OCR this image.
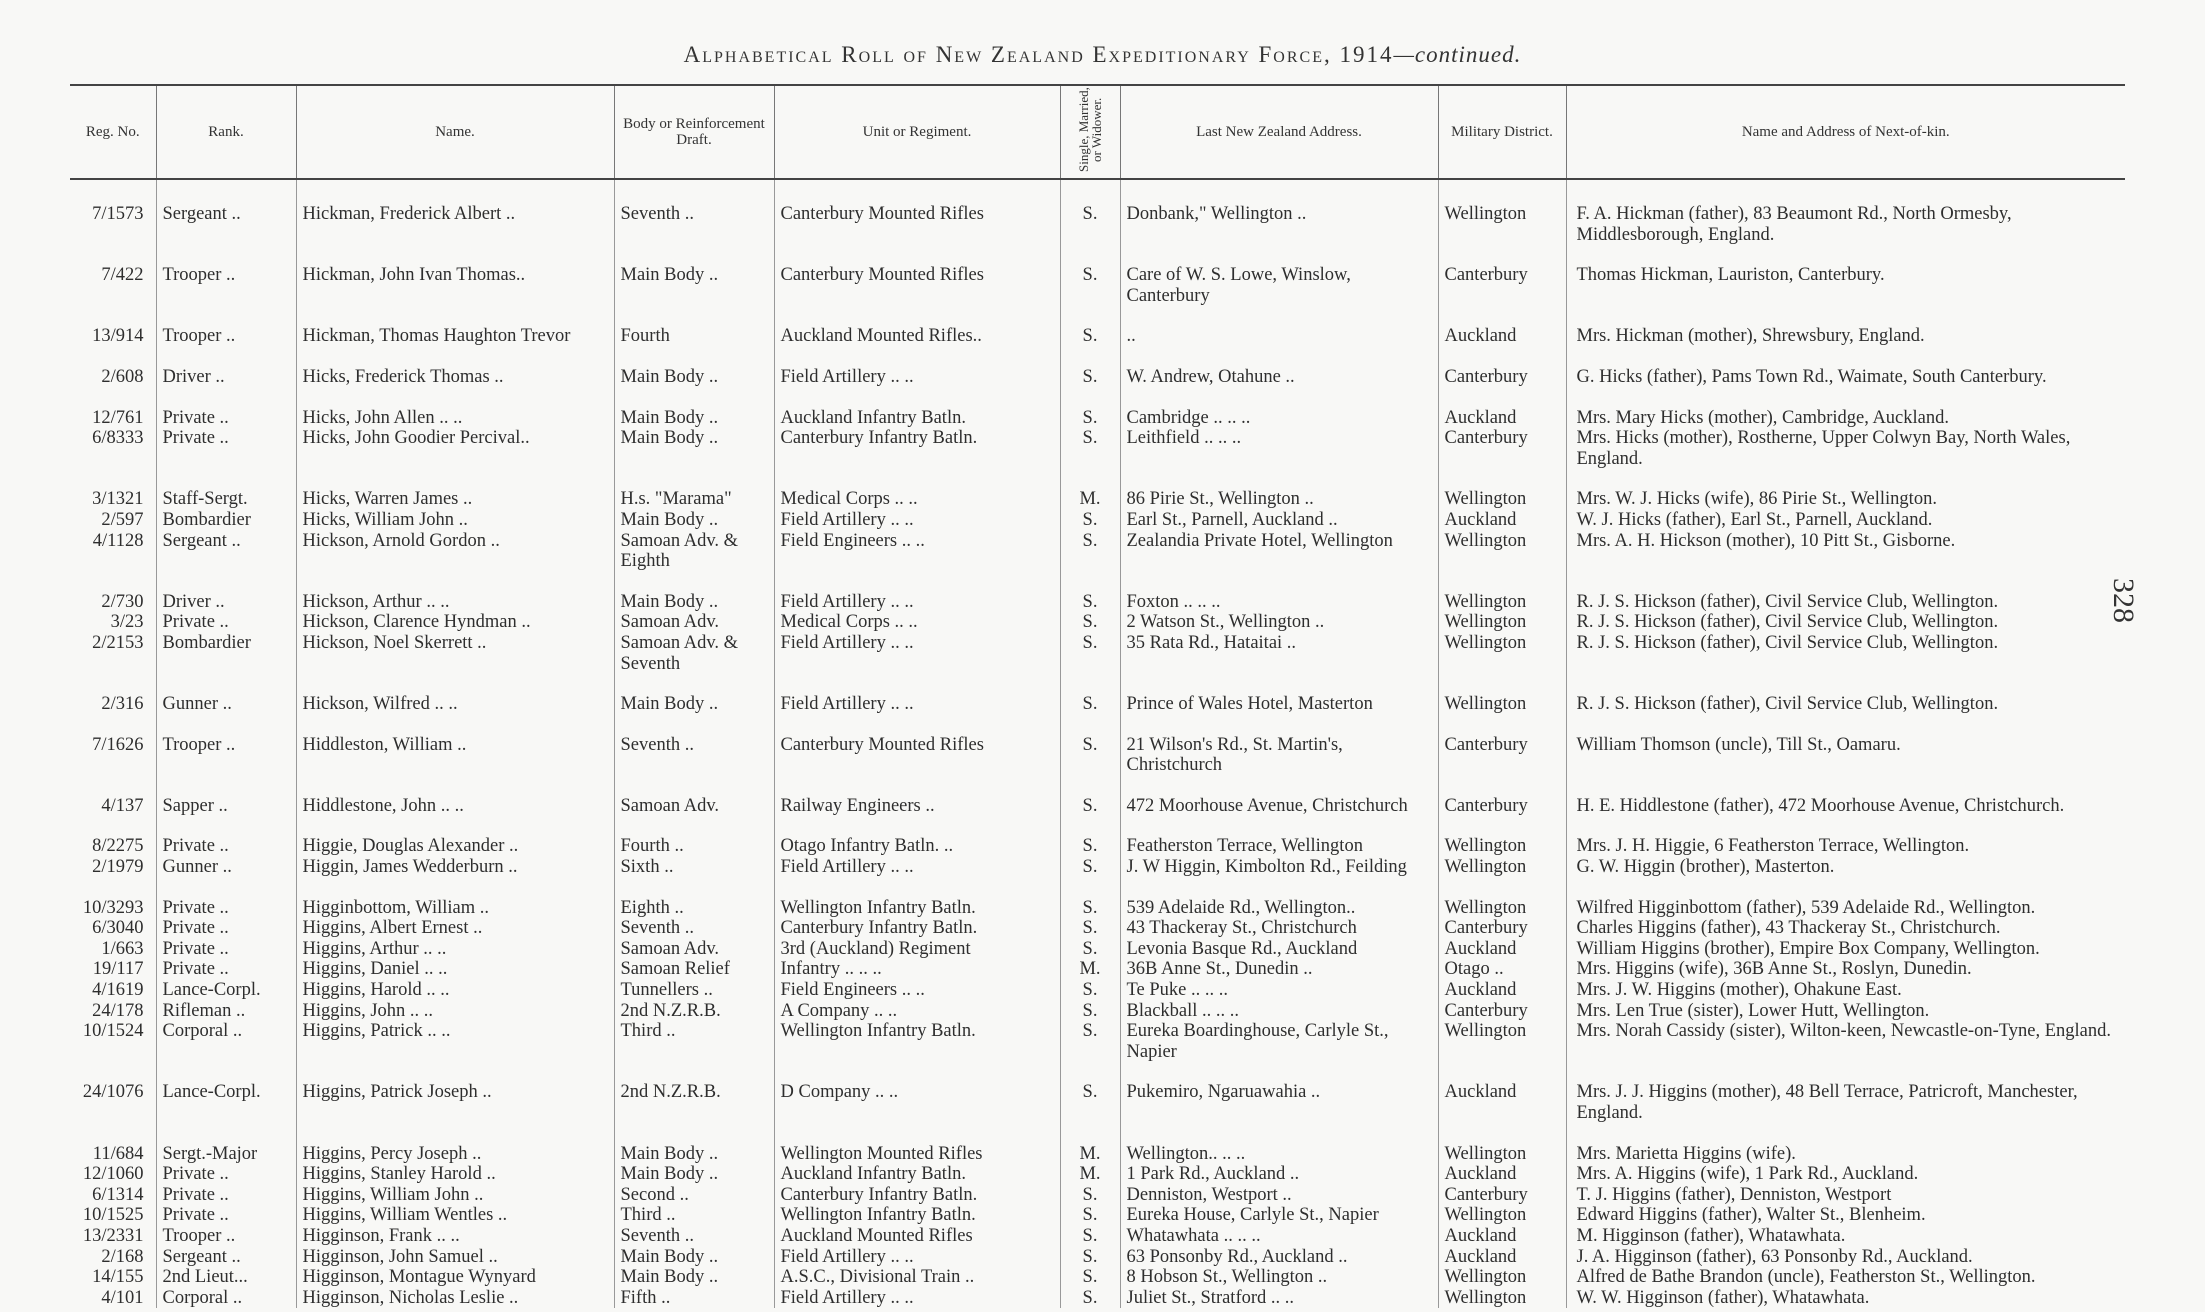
Alphabetical Roll of New Zealand Expeditionary Force, 1914—continued.
328
Reg. No.	Rank.	Name.	Body or Reinforcement Draft.	Unit or Regiment.	Single, Married, or Widower.	Last New Zealand Address.	Military District.	Name and Address of Next-of-kin.
7/1573	Sergeant ..	Hickman, Frederick Albert ..	Seventh ..	Canterbury Mounted Rifles	S.	Donbank," Wellington ..	Wellington	F. A. Hickman (father), 83 Beaumont Rd., North Ormesby, Middlesborough, England.
7/422	Trooper ..	Hickman, John Ivan Thomas..	Main Body ..	Canterbury Mounted Rifles	S.	Care of W. S. Lowe, Winslow, Canterbury	Canterbury	Thomas Hickman, Lauriston, Canterbury.
13/914	Trooper ..	Hickman, Thomas Haughton Trevor	Fourth	Auckland Mounted Rifles..	S.	..	Auckland	Mrs. Hickman (mother), Shrewsbury, England.
2/608	Driver ..	Hicks, Frederick Thomas ..	Main Body ..	Field Artillery .. ..	S.	W. Andrew, Otahune ..	Canterbury	G. Hicks (father), Pams Town Rd., Waimate, South Canterbury.
12/761	Private ..	Hicks, John Allen .. ..	Main Body ..	Auckland Infantry Batln.	S.	Cambridge .. .. ..	Auckland	Mrs. Mary Hicks (mother), Cambridge, Auckland.
6/8333	Private ..	Hicks, John Goodier Percival..	Main Body ..	Canterbury Infantry Batln.	S.	Leithfield .. .. ..	Canterbury	Mrs. Hicks (mother), Rostherne, Upper Colwyn Bay, North Wales, England.
3/1321	Staff-Sergt.	Hicks, Warren James ..	H.s. "Marama"	Medical Corps .. ..	M.	86 Pirie St., Wellington ..	Wellington	Mrs. W. J. Hicks (wife), 86 Pirie St., Wellington.
2/597	Bombardier	Hicks, William John ..	Main Body ..	Field Artillery .. ..	S.	Earl St., Parnell, Auckland ..	Auckland	W. J. Hicks (father), Earl St., Parnell, Auckland.
4/1128	Sergeant ..	Hickson, Arnold Gordon ..	Samoan Adv. & Eighth	Field Engineers .. ..	S.	Zealandia Private Hotel, Wellington	Wellington	Mrs. A. H. Hickson (mother), 10 Pitt St., Gisborne.
2/730	Driver ..	Hickson, Arthur .. ..	Main Body ..	Field Artillery .. ..	S.	Foxton .. .. ..	Wellington	R. J. S. Hickson (father), Civil Service Club, Wellington.
3/23	Private ..	Hickson, Clarence Hyndman ..	Samoan Adv.	Medical Corps .. ..	S.	2 Watson St., Wellington ..	Wellington	R. J. S. Hickson (father), Civil Service Club, Wellington.
2/2153	Bombardier	Hickson, Noel Skerrett ..	Samoan Adv. & Seventh	Field Artillery .. ..	S.	35 Rata Rd., Hataitai ..	Wellington	R. J. S. Hickson (father), Civil Service Club, Wellington.
2/316	Gunner ..	Hickson, Wilfred .. ..	Main Body ..	Field Artillery .. ..	S.	Prince of Wales Hotel, Masterton	Wellington	R. J. S. Hickson (father), Civil Service Club, Wellington.
7/1626	Trooper ..	Hiddleston, William ..	Seventh ..	Canterbury Mounted Rifles	S.	21 Wilson's Rd., St. Martin's, Christchurch	Canterbury	William Thomson (uncle), Till St., Oamaru.
4/137	Sapper ..	Hiddlestone, John .. ..	Samoan Adv.	Railway Engineers ..	S.	472 Moorhouse Avenue, Christchurch	Canterbury	H. E. Hiddlestone (father), 472 Moorhouse Avenue, Christchurch.
8/2275	Private ..	Higgie, Douglas Alexander ..	Fourth ..	Otago Infantry Batln. ..	S.	Featherston Terrace, Wellington	Wellington	Mrs. J. H. Higgie, 6 Featherston Terrace, Wellington.
2/1979	Gunner ..	Higgin, James Wedderburn ..	Sixth ..	Field Artillery .. ..	S.	J. W Higgin, Kimbolton Rd., Feilding	Wellington	G. W. Higgin (brother), Masterton.
10/3293	Private ..	Higginbottom, William ..	Eighth ..	Wellington Infantry Batln.	S.	539 Adelaide Rd., Wellington..	Wellington	Wilfred Higginbottom (father), 539 Adelaide Rd., Wellington.
6/3040	Private ..	Higgins, Albert Ernest ..	Seventh ..	Canterbury Infantry Batln.	S.	43 Thackeray St., Christchurch	Canterbury	Charles Higgins (father), 43 Thackeray St., Christchurch.
1/663	Private ..	Higgins, Arthur .. ..	Samoan Adv.	3rd (Auckland) Regiment	S.	Levonia Basque Rd., Auckland	Auckland	William Higgins (brother), Empire Box Company, Wellington.
19/117	Private ..	Higgins, Daniel .. ..	Samoan Relief	Infantry .. .. ..	M.	36B Anne St., Dunedin ..	Otago ..	Mrs. Higgins (wife), 36B Anne St., Roslyn, Dunedin.
4/1619	Lance-Corpl.	Higgins, Harold .. ..	Tunnellers ..	Field Engineers .. ..	S.	Te Puke .. .. ..	Auckland	Mrs. J. W. Higgins (mother), Ohakune East.
24/178	Rifleman ..	Higgins, John .. ..	2nd N.Z.R.B.	A Company .. ..	S.	Blackball .. .. ..	Canterbury	Mrs. Len True (sister), Lower Hutt, Wellington.
10/1524	Corporal ..	Higgins, Patrick .. ..	Third ..	Wellington Infantry Batln.	S.	Eureka Boardinghouse, Carlyle St., Napier	Wellington	Mrs. Norah Cassidy (sister), Wilton-keen, Newcastle-on-Tyne, England.
24/1076	Lance-Corpl.	Higgins, Patrick Joseph ..	2nd N.Z.R.B.	D Company .. ..	S.	Pukemiro, Ngaruawahia ..	Auckland	Mrs. J. J. Higgins (mother), 48 Bell Terrace, Patricroft, Manchester, England.
11/684	Sergt.-Major	Higgins, Percy Joseph ..	Main Body ..	Wellington Mounted Rifles	M.	Wellington.. .. ..	Wellington	Mrs. Marietta Higgins (wife).
12/1060	Private ..	Higgins, Stanley Harold ..	Main Body ..	Auckland Infantry Batln.	M.	1 Park Rd., Auckland ..	Auckland	Mrs. A. Higgins (wife), 1 Park Rd., Auckland.
6/1314	Private ..	Higgins, William John ..	Second ..	Canterbury Infantry Batln.	S.	Denniston, Westport ..	Canterbury	T. J. Higgins (father), Denniston, Westport
10/1525	Private ..	Higgins, William Wentles ..	Third ..	Wellington Infantry Batln.	S.	Eureka House, Carlyle St., Napier	Wellington	Edward Higgins (father), Walter St., Blenheim.
13/2331	Trooper ..	Higginson, Frank .. ..	Seventh ..	Auckland Mounted Rifles	S.	Whatawhata .. .. ..	Auckland	M. Higginson (father), Whatawhata.
2/168	Sergeant ..	Higginson, John Samuel ..	Main Body ..	Field Artillery .. ..	S.	63 Ponsonby Rd., Auckland ..	Auckland	J. A. Higginson (father), 63 Ponsonby Rd., Auckland.
14/155	2nd Lieut...	Higginson, Montague Wynyard	Main Body ..	A.S.C., Divisional Train ..	S.	8 Hobson St., Wellington ..	Wellington	Alfred de Bathe Brandon (uncle), Featherston St., Wellington.
4/101	Corporal ..	Higginson, Nicholas Leslie ..	Fifth ..	Field Artillery .. ..	S.	Juliet St., Stratford .. ..	Wellington	W. W. Higginson (father), Whatawhata.
